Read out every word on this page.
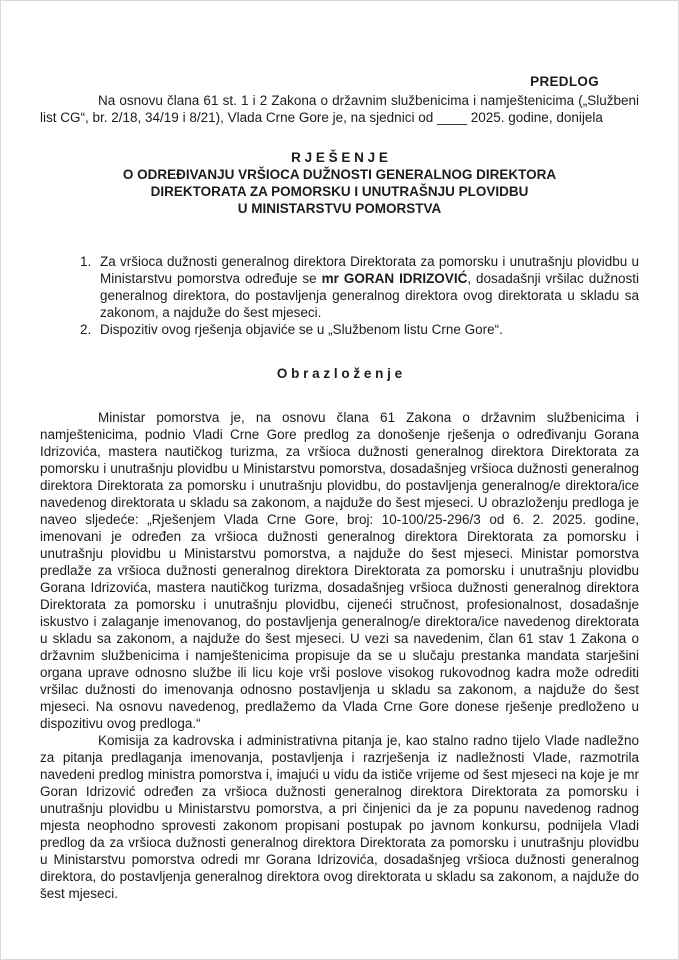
PREDLOG

Na osnovu člana 61 st. 1 i 2 Zakona o državnim službenicima i namještenicima („Službeni list CG“, br. 2/18, 34/19 i 8/21), Vlada Crne Gore je, na sjednici od ____ 2025. godine, donijela

R J E Š E N J E
O ODREĐIVANJU VRŠIOCA DUŽNOSTI GENERALNOG DIREKTORA
DIREKTORATA ZA POMORSKU I UNUTRAŠNJU PLOVIDBU
U MINISTARSTVU POMORSTVA
1. Za vršioca dužnosti generalnog direktora Direktorata za pomorsku i unutrašnju plovidbu u Ministarstvu pomorstva određuje se mr GORAN IDRIZOVIĆ, dosadašnji vršilac dužnosti generalnog direktora, do postavljenja generalnog direktora ovog direktorata u skladu sa zakonom, a najduže do šest mjeseci.
2. Dispozitiv ovog rješenja objaviće se u „Službenom listu Crne Gore“.
O b r a z l o ž e n j e

Ministar pomorstva je, na osnovu člana 61 Zakona o državnim službenicima i namještenicima, podnio Vladi Crne Gore predlog za donošenje rješenja o određivanju Gorana Idrizovića, mastera nautičkog turizma, za vršioca dužnosti generalnog direktora Direktorata za pomorsku i unutrašnju plovidbu u Ministarstvu pomorstva, dosadašnjeg vršioca dužnosti generalnog direktora Direktorata za pomorsku i unutrašnju plovidbu, do postavljenja generalnog/e direktora/ice navedenog direktorata u skladu sa zakonom, a najduže do šest mjeseci. U obrazloženju predloga je naveo sljedeće: „Rješenjem Vlada Crne Gore, broj: 10-100/25-296/3 od 6. 2. 2025. godine, imenovani je određen za vršioca dužnosti generalnog direktora Direktorata za pomorsku i unutrašnju plovidbu u Ministarstvu pomorstva, a najduže do šest mjeseci. Ministar pomorstva predlaže za vršioca dužnosti generalnog direktora Direktorata za pomorsku i unutrašnju plovidbu Gorana Idrizovića, mastera nautičkog turizma, dosadašnjeg vršioca dužnosti generalnog direktora Direktorata za pomorsku i unutrašnju plovidbu, cijeneći stručnost, profesionalnost, dosadašnje iskustvo i zalaganje imenovanog, do postavljenja generalnog/e direktora/ice navedenog direktorata u skladu sa zakonom, a najduže do šest mjeseci. U vezi sa navedenim, član 61 stav 1 Zakona o državnim službenicima i namještenicima propisuje da se u slučaju prestanka mandata starješini organa uprave odnosno službe ili licu koje vrši poslove visokog rukovodnog kadra može odrediti vršilac dužnosti do imenovanja odnosno postavljenja u skladu sa zakonom, a najduže do šest mjeseci. Na osnovu navedenog, predlažemo da Vlada Crne Gore donese rješenje predloženo u dispozitivu ovog predloga.“

Komisija za kadrovska i administrativna pitanja je, kao stalno radno tijelo Vlade nadležno za pitanja predlaganja imenovanja, postavljenja i razrješenja iz nadležnosti Vlade, razmotrila navedeni predlog ministra pomorstva i, imajući u vidu da ističe vrijeme od šest mjeseci na koje je mr Goran Idrizović određen za vršioca dužnosti generalnog direktora Direktorata za pomorsku i unutrašnju plovidbu u Ministarstvu pomorstva, a pri činjenici da je za popunu navedenog radnog mjesta neophodno sprovesti zakonom propisani postupak po javnom konkursu, podnijela Vladi predlog da za vršioca dužnosti generalnog direktora Direktorata za pomorsku i unutrašnju plovidbu u Ministarstvu pomorstva odredi mr Gorana Idrizovića, dosadašnjeg vršioca dužnosti generalnog direktora, do postavljenja generalnog direktora ovog direktorata u skladu sa zakonom, a najduže do šest mjeseci.
